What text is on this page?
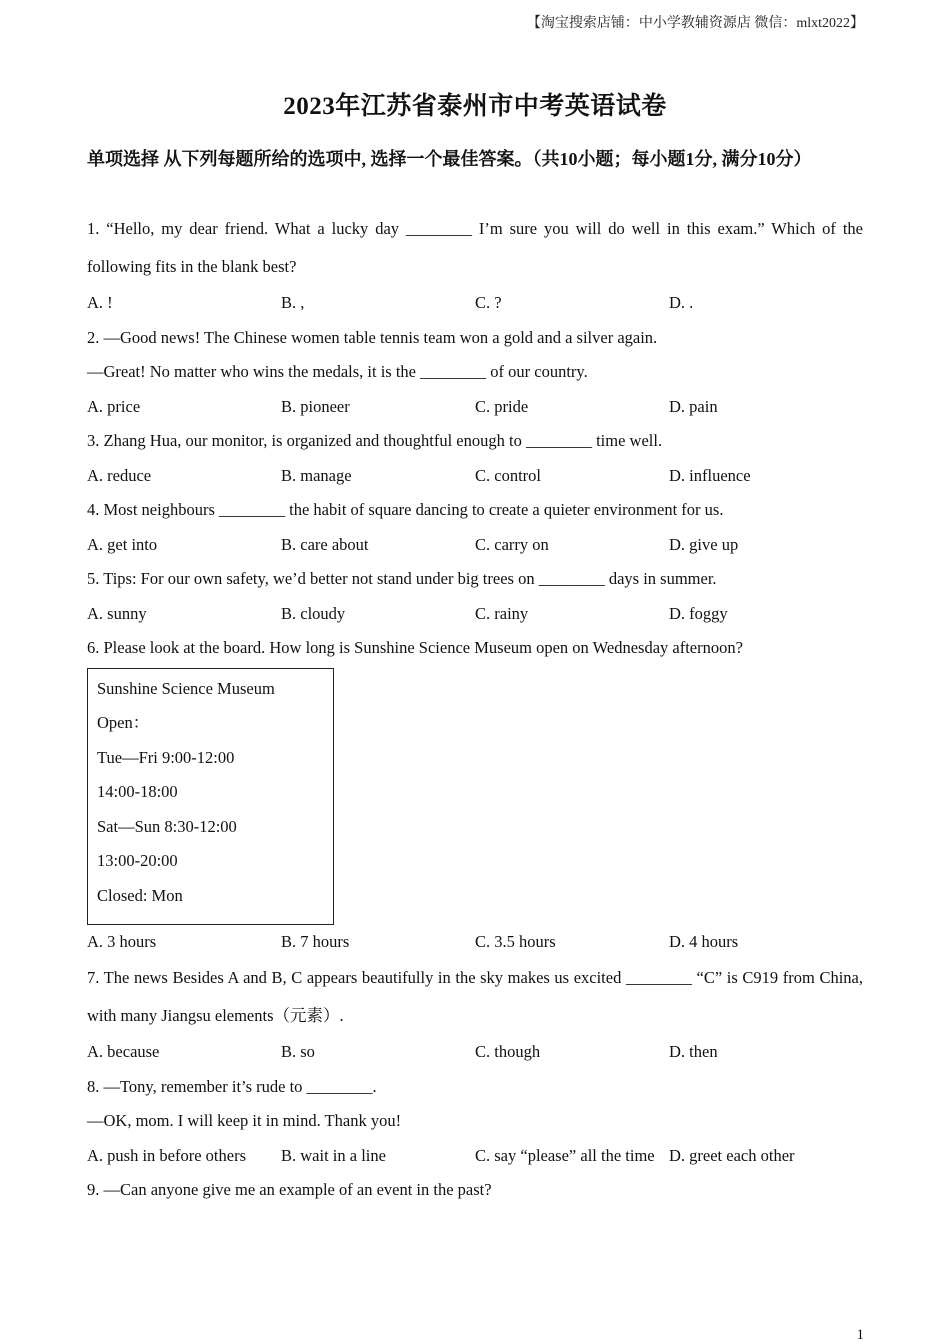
【淘宝搜索店铺：中小学教辅资源店 微信：mlxt2022】
2023年江苏省泰州市中考英语试卷
单项选择 从下列每题所给的选项中, 选择一个最佳答案。（共10小题；每小题1分, 满分10分）
1. “Hello, my dear friend. What a lucky day ________ I’m sure you will do well in this exam.” Which of the following fits in the blank best?
A. !	B. ,	C. ?	D. .
2. —Good news! The Chinese women table tennis team won a gold and a silver again.
—Great! No matter who wins the medals, it is the ________ of our country.
A. price	B. pioneer	C. pride	D. pain
3. Zhang Hua, our monitor, is organized and thoughtful enough to ________ time well.
A. reduce	B. manage	C. control	D. influence
4. Most neighbours ________ the habit of square dancing to create a quieter environment for us.
A. get into	B. care about	C. carry on	D. give up
5. Tips: For our own safety, we’d better not stand under big trees on ________ days in summer.
A. sunny	B. cloudy	C. rainy	D. foggy
6. Please look at the board. How long is Sunshine Science Museum open on Wednesday afternoon?
Sunshine Science Museum
Open：
Tue—Fri 9:00-12:00
14:00-18:00
Sat—Sun 8:30-12:00
13:00-20:00
Closed: Mon
A. 3 hours	B. 7 hours	C. 3.5 hours	D. 4 hours
7. The news Besides A and B, C appears beautifully in the sky makes us excited ________ “C” is C919 from China, with many Jiangsu elements（元素）.
A. because	B. so	C. though	D. then
8. —Tony, remember it’s rude to ________.
—OK, mom. I will keep it in mind. Thank you!
A. push in before others	B. wait in a line	C. say “please” all the time D. greet each other
9. —Can anyone give me an example of an event in the past?
1
